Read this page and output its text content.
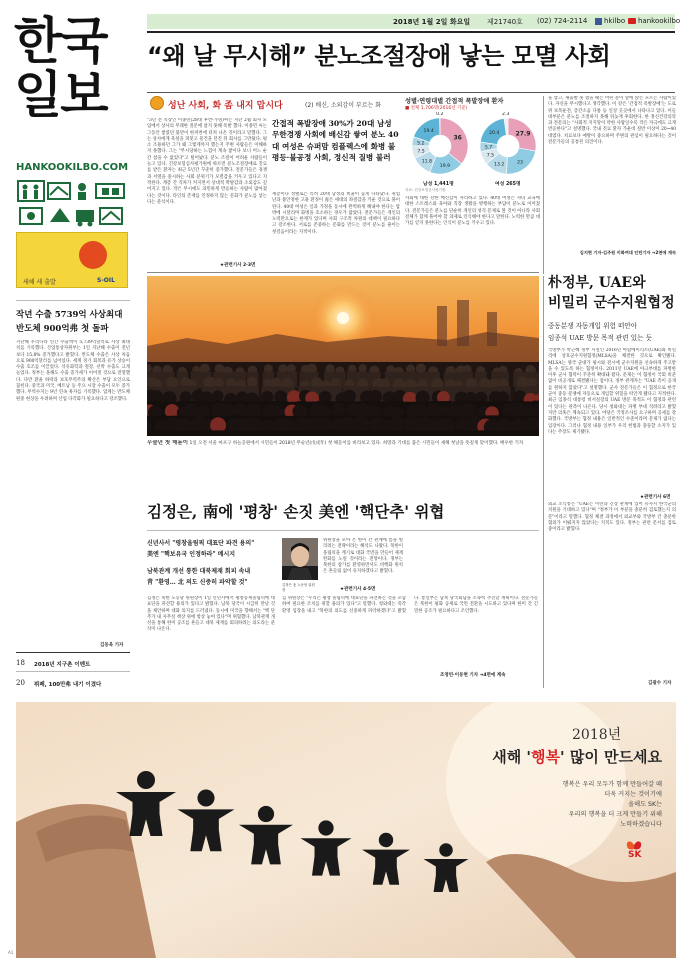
한국
일보
HANKOOKILBO.COM
새해 새 출발	S-OIL
2018년 1월 2일 화요일 제21740호 (02) 724-2114 hkilbo hankookilbo
“왜 날 무시해” 분노조절장애 낳는 모멸 사회
성난 사회, 화 좀 내지 맙시다	(2) 배신, 소외감이 부르는 화
"3년 전 직장인 이종민(28대 후반-가명)씨는 지난 2월 회사 모임에서 상사의 무례한 질문에 참지 못해 폭발 했다. 이종민 씨는 그동안 쌓였던 불만이 한꺼번에 터져 나온 것이라고 말했다. 그는 상사에게 욕설을 퍼붓고 물건을 던진 뒤 회사를 그만뒀다. 평소 조용하던 그가 왜 그렇게까지 했는지 주변 사람들은 이해하지 못했다. 그는 "무시당하는 느낌이 계속 쌓이다 보니 어느 순간 참을 수 없었다"고 털어놨다. 분노 조절이 어려운 사람들이 늘고 있다. 건강보험심사평가원에 따르면 분노조절장애로 진료를 받은 환자는 최근 5년간 꾸준히 증가했다. 전문가들은 경쟁과 서열을 중시하는 사회 분위기가 모멸감을 키우고 있다고 지적한다. 계층 간 격차가 커지면서 상대적 박탈감과 소외감도 깊어지고 있다. 작은 무시에도 과민하게 반응하는 사람이 많아졌다는 것이다. 타인의 존재를 인정하지 않는 문화가 분노를 낳는다는 분석이다.
★관련기사 2·3면
간접적 폭발장애 30%가 20대 남성 무한경쟁 사회에 배신감 쌓여 분노 40대 여성은 슈퍼맘 컴플렉스에 화병 불평등·불공정 사회, 정신적 질병 불러
계층이나 성별로는 특히 20대 남성의 비율이 높게 나타났다. 취업난과 불안정한 고용 환경이 젊은 세대의 좌절감을 키운 것으로 풀이된다. 40대 여성은 일과 가정을 동시에 완벽하게 해내야 한다는 압박에 시달리며 화병을 호소하는 경우가 많았다. 전문가들은 개인의 노력만으로는 한계가 있다며 사회 구조적 차원의 대책이 필요하다고 강조한다. 서로를 존중하는 문화를 만드는 것이 분노를 줄이는 첫걸음이라는 지적이다.
성별·연령대별 간접적 폭발장애 환자
■ 전체 1,706명(2016년 기준)
36
19.9
11.8
7.5
5.2
19.4
0.2
27.9
23
13.2
7.5
5.7
20.4
2.3
남성 1,441명	여성 265명
자료: 건강보험심사평가원
사회에 대한 강한 배신감이 자리하고 있다. 40대 여성은 자녀 교육에 대한 스트레스와 육아와 직장 생활을 병행하는 부담이 분노로 이어졌다. 전문가들은 분노를 단순히 개인의 성격 문제로 볼 것이 아니라 사회 전체가 함께 풀어야 할 과제로 인식해야 한다고 말한다. 노력한 만큼 대가를 얻지 못한다는 인식이 분노를 키우고 있다.
을 낳고, 새출발 못 했을 때는 어떤 분이 옆에 앉은 모르는 사람이었다. 자신을 무시했다고 생각했다. 이 같은 '간접적 폭발장애'는 도로 위 보복운전, 층간소음 다툼 등 일상 곳곳에서 나타나고 있다. 이들 대부분은 분노를 조절하지 못해 뒤늦게 후회한다. 한 정신건강의학과 전문의는 "사회적 지지망이 약한 사람일수록 작은 자극에도 크게 반응한다"고 설명했다. 국내 진료 환자 가운데 절반 이상이 20~40대였다. 치료보다 예방이 중요하며 주변의 관심이 필요하다는 것이 전문가들의 공통된 의견이다.
김지현 기자·김주원 이화여대 인턴기자 ➔2면에 계속
무술년 첫 해돋이 1일 오전 서울 마포구 하늘공원에서 시민들이 2018년 무술년(戊戌年) 첫 해돋이를 바라보고 있다. 희망과 기대를 품은 시민들이 새해 첫날을 뜻깊게 맞이했다. 배우한 기자
朴정부, UAE와
비밀리 군수지원협정
중동분쟁 자동개입 위험 떠안아
임종석 UAE 방문 목적 관련 있는 듯
국방부가 박근혜 정부 시절인 2016년 아랍에미리트(UAE)와 비밀리에 상호군수지원협정(MLSA)을 체결한 것으로 확인됐다. MLSA는 양국 군대가 평시와 전시에 군수지원을 신속하게 주고받을 수 있도록 하는 협정이다. 2011년 UAE에 아크부대를 파병한 이후 군사 협력이 꾸준히 확대돼 왔다. 문제는 이 협정이 국회 비준 없이 비공개로 체결됐다는 점이다. 정부 관계자는 "UAE 측이 공개를 원하지 않았다"고 설명했다. 군사 전문가들은 이 협정으로 한국군이 중동 분쟁에 자동으로 개입할 위험을 떠안게 됐다고 지적한다. 최근 임종석 대통령 비서실장의 UAE 방문 목적도 이 협정과 관련이 있다는 관측이 나온다. 당시 청와대는 파병 부대 격려라고 밝혔지만 의혹은 계속되고 있다. 야당은 국정조사를 요구하며 공세를 강화했다. 국방부는 협정 내용은 일반적인 수준이라며 문제가 없다는 입장이다. 그러나 협정 내용 일부가 우리 헌법과 충돌할 소지가 있다는 주장도 제기됐다.
★관련기사 6면
외교 소식통은 "UAE는 이란과 긴장 관계에 있어 유사시 한국군의 지원을 기대하고 있다"며 "정부가 이 부분을 충분히 검토했는지 의문"이라고 말했다. 협정 체결 과정에서 외교부와 국방부 간 충분한 협의가 이뤄지지 않았다는 지적도 있다. 정부는 관련 문서를 검토 중이라고 밝혔다.
김광수 기자
김정은, 南에 '평창' 손짓 美엔 '핵단추' 위협
신년사서 "평창올림픽 대표단 파견 용의"
美엔 "핵보유국 인정하라" 메시지
남북관계 개선 통한 대북제재 회피 속내
靑 "환영… 北 의도 신중히 파악할 것"
김정은 북한 노동당 위원장이 1일 신년사에서 평창동계올림픽에 대표단을 파견할 용의가 있다고 밝혔다. 남북 당국이 시급히 만날 것을 제안하며 대화 의지를 드러냈다. 동시에 미국을 향해서는 "핵 단추가 내 사무실 책상 위에 항상 놓여 있다"며 위협했다. 남북관계 개선을 통해 한미 공조를 흔들고 대북 제재를 회피하려는 의도라는 분석이 나온다.
김정은 北 노동당 위원장
위원장을 모아 온 한미 간 관계에 틈을 벌리려는 전략이라는 해석도 나왔다. 북한이 올림픽을 계기로 대화 국면을 만들어 제재 완화를 노릴 것이라는 전망이다. 정부는 북한의 참가를 환영하면서도 비핵화 원칙은 흔들림 없이 유지하겠다고 밝혔다.
★관련기사 4·5면
김 위원장은 "우리는 평창 올림픽에 대표단을 파견하는 것을 포함하여 필요한 조치를 취할 용의가 있다"고 말했다. 청와대는 즉각 환영 입장을 내고 "북한의 의도를 신중하게 파악하겠다"고 밝혔다. 통일부는 남북 당국회담을 조속히 추진할 계획이다. 전문가들은 북한이 평화 공세로 국면 전환을 시도하고 있다며 한미 간 긴밀한 공조가 필요하다고 조언했다.
조영빈·이동현 기자 ➔4면에 계속
작년 수출 5739억 사상최대
반도체 900억弗 첫 돌파
지난해 우리나라 연간 수출액이 5,739억달러로 사상 최대치를 기록했다. 산업통상자원부는 1일 지난해 수출이 전년보다 15.8% 증가했다고 밝혔다. 반도체 수출은 사상 처음으로 900억달러를 넘어섰다. 세계 경기 회복과 유가 상승이 수출 호조를 이끌었다. 석유화학과 철강, 선박 수출도 크게 늘었다. 정부는 올해도 수출 증가세가 이어질 것으로 전망했다. 다만 환율 하락과 보호무역주의 확산은 부담 요인으로 꼽힌다. 중국과 미국, 베트남 등 주요 시장 수출이 모두 증가했다. 무역수지는 9년 연속 흑자를 기록했다. 업계는 반도체 편중 현상을 우려하며 산업 다각화가 필요하다고 강조했다.
김동욱 기자
18 2018년 지구촌 이벤트
20 뷔페, 100만弗 내기 이겼다
2018년
새해 '행복' 많이 만드세요
행복은 우리 모두가 함께 만들어갈 때
더욱 커지는 것이기에
올해도 SK는
우리의 행복을 더 크게 만들기 위해
노력하겠습니다
SK
A1
